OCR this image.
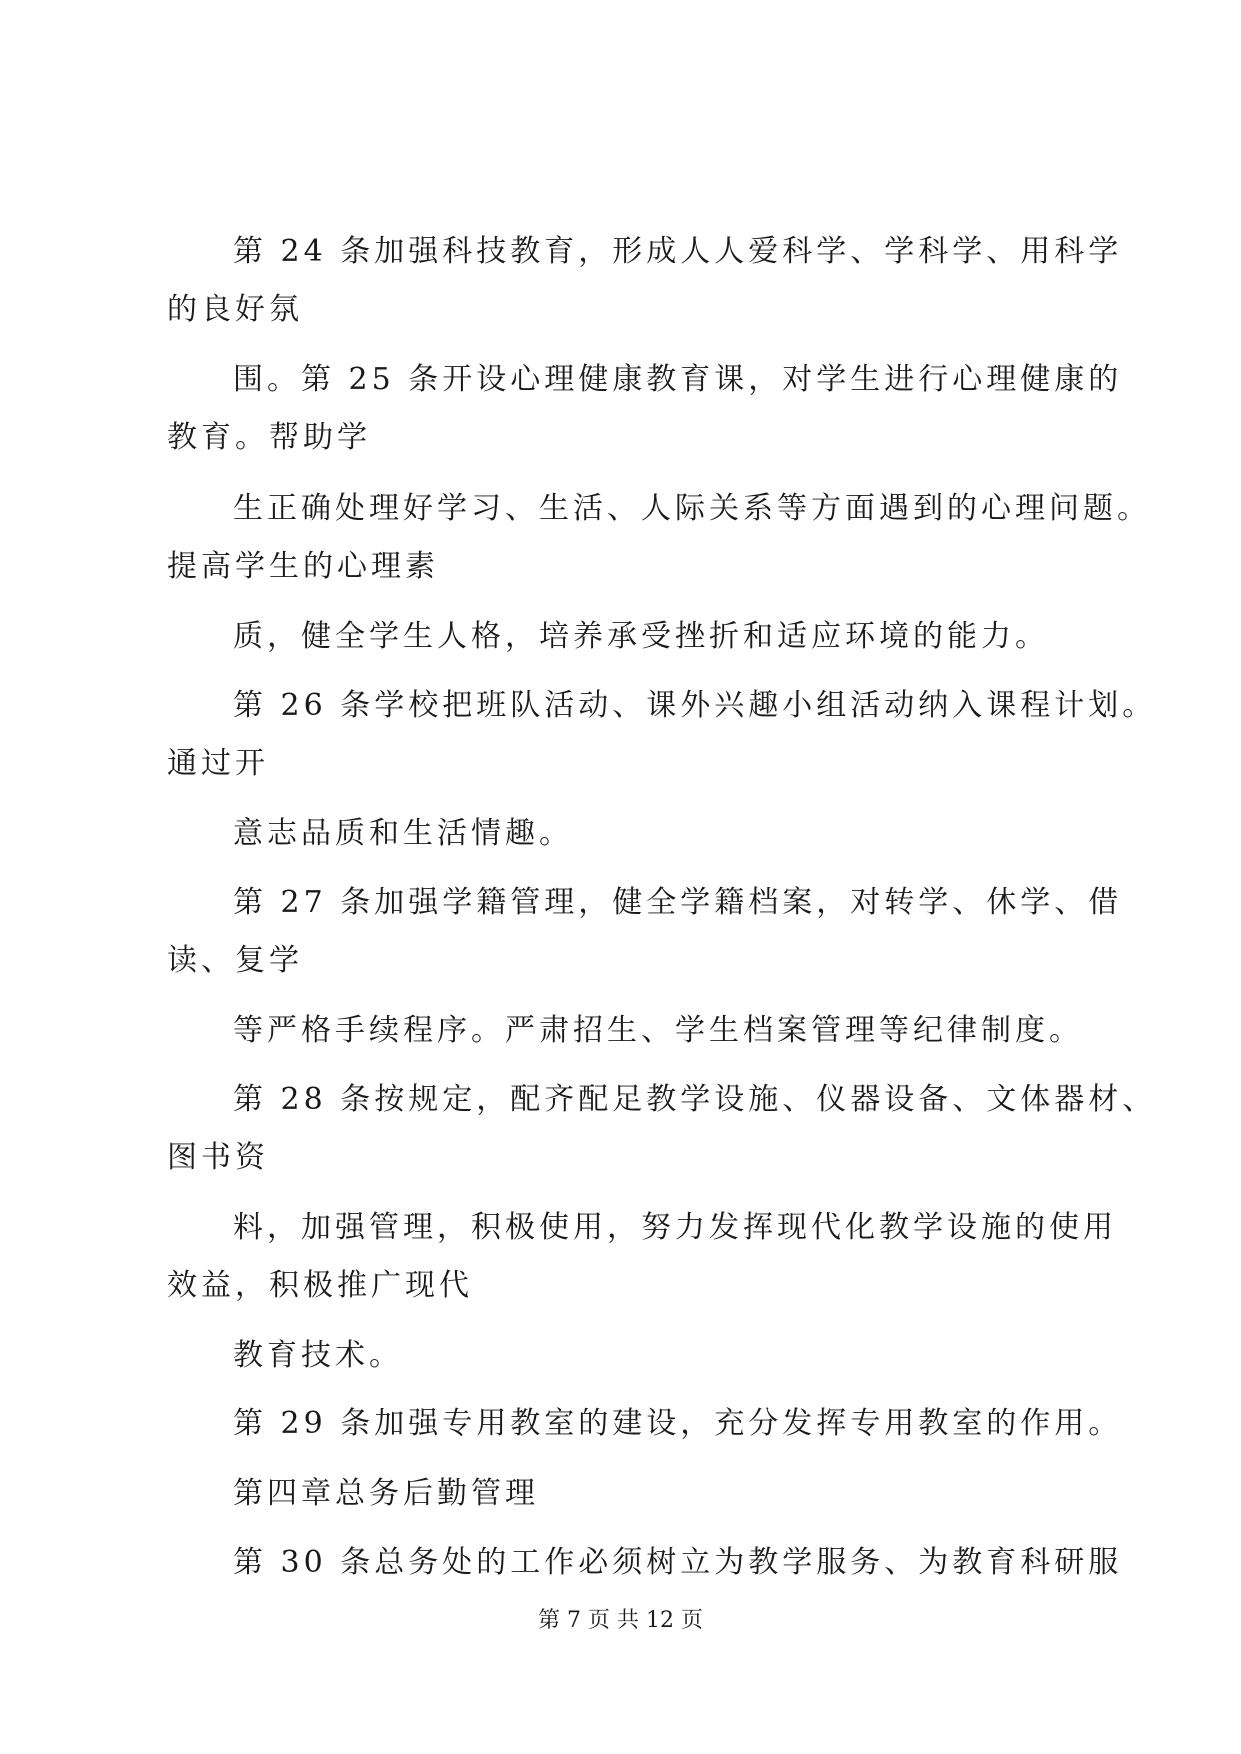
第 24 条加强科技教育，形成人人爱科学、学科学、用科学
的良好氛
围。第 25 条开设心理健康教育课，对学生进行心理健康的
教育。帮助学
生正确处理好学习、生活、人际关系等方面遇到的心理问题。
提高学生的心理素
质，健全学生人格，培养承受挫折和适应环境的能力。
第 26 条学校把班队活动、课外兴趣小组活动纳入课程计划。
通过开
意志品质和生活情趣。
第 27 条加强学籍管理，健全学籍档案，对转学、休学、借
读、复学
等严格手续程序。严肃招生、学生档案管理等纪律制度。
第 28 条按规定，配齐配足教学设施、仪器设备、文体器材、
图书资
料，加强管理，积极使用，努力发挥现代化教学设施的使用
效益，积极推广现代
教育技术。
第 29 条加强专用教室的建设，充分发挥专用教室的作用。
第四章总务后勤管理
第 30 条总务处的工作必须树立为教学服务、为教育科研服
第 7 页 共 12 页
